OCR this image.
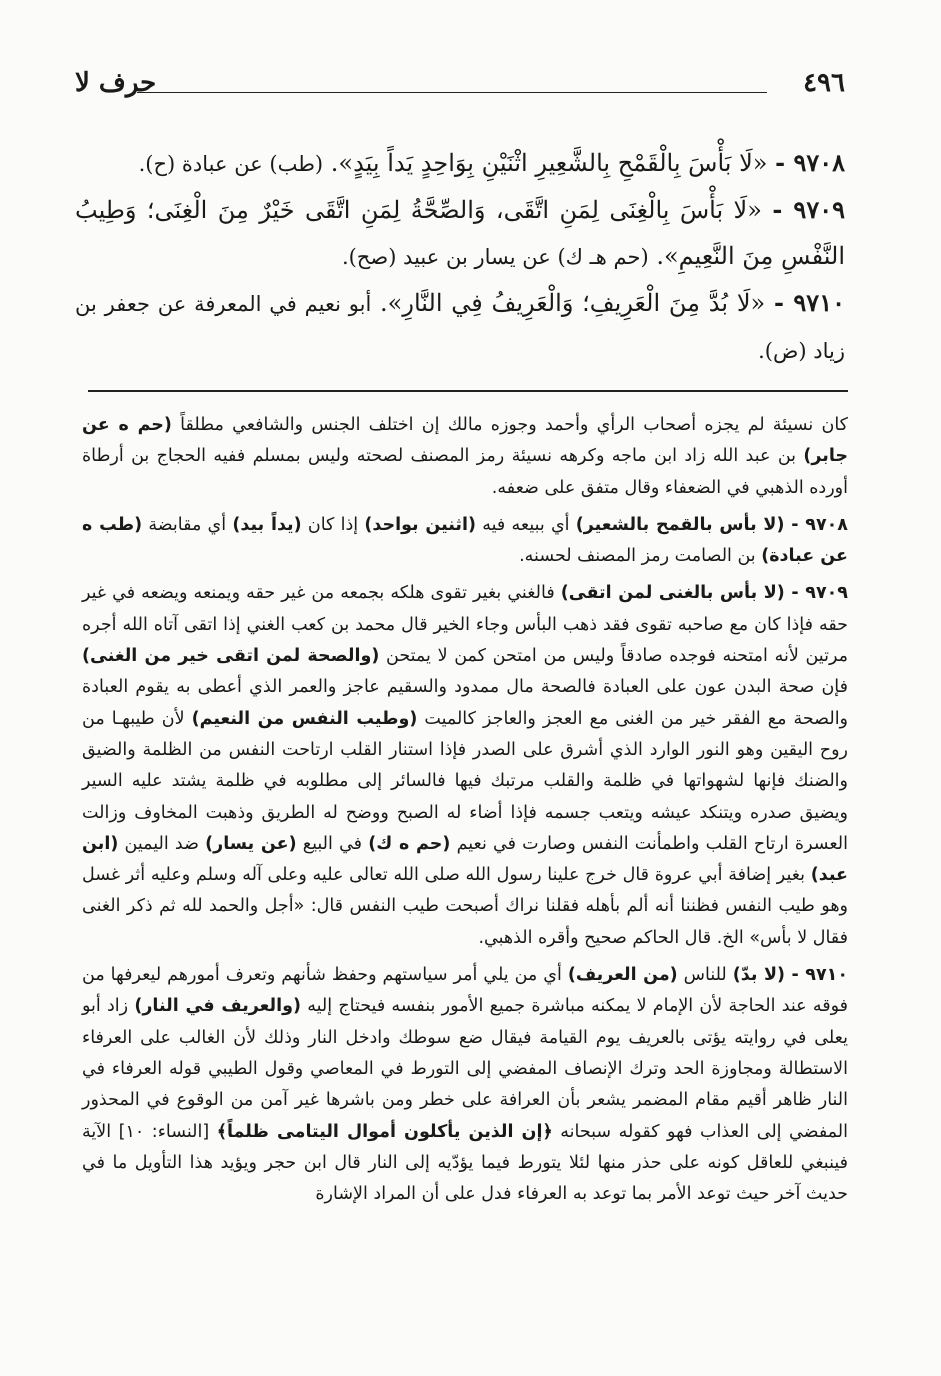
٤٩٦
حرف لا

٩٧٠٨ - «لَا بَأْسَ بِالْقَمْحِ بِالشَّعِيرِ اثْنَيْنِ بِوَاحِدٍ يَداً بِيَدٍ». (طب) عن عبادة (ح).

٩٧٠٩ - «لَا بَأْسَ بِالْغِنَى لِمَنِ اتَّقَى، وَالصِّحَّةُ لِمَنِ اتَّقَى خَيْرٌ مِنَ الْغِنَى؛ وَطِيبُ النَّفْسِ مِنَ النَّعِيمِ». (حم هـ ك) عن يسار بن عبيد (صح).

٩٧١٠ - «لَا بُدَّ مِنَ الْعَرِيفِ؛ وَالْعَرِيفُ فِي النَّارِ». أبو نعيم في المعرفة عن جعفر بن زياد (ض).

كان نسيئة لم يجزه أصحاب الرأي وأحمد وجوزه مالك إن اختلف الجنس والشافعي مطلقاً (حم ه عن جابر) بن عبد الله زاد ابن ماجه وكرهه نسيئة رمز المصنف لصحته وليس بمسلم ففيه الحجاج بن أرطاة أورده الذهبي في الضعفاء وقال متفق على ضعفه.

٩٧٠٨ - (لا بأس بالقمح بالشعير) أي ببيعه فيه (اثنين بواحد) إذا كان (يداً بيد) أي مقابضة (طب ه عن عبادة) بن الصامت رمز المصنف لحسنه.

٩٧٠٩ - (لا بأس بالغنى لمن اتقى) فالغني بغير تقوى هلكه بجمعه من غير حقه ويمنعه ويضعه في غير حقه فإذا كان مع صاحبه تقوى فقد ذهب البأس وجاء الخير قال محمد بن كعب الغني إذا اتقى آتاه الله أجره مرتين لأنه امتحنه فوجده صادقاً وليس من امتحن كمن لا يمتحن (والصحة لمن اتقى خير من الغنى) فإن صحة البدن عون على العبادة فالصحة مال ممدود والسقيم عاجز والعمر الذي أعطى به يقوم العبادة والصحة مع الفقر خير من الغنى مع العجز والعاجز كالميت (وطيب النفس من النعيم) لأن طيبهـا من روح اليقين وهو النور الوارد الذي أشرق على الصدر فإذا استنار القلب ارتاحت النفس من الظلمة والضيق والضنك فإنها لشهواتها في ظلمة والقلب مرتبك فيها فالسائر إلى مطلوبه في ظلمة يشتد عليه السير ويضيق صدره ويتنكد عيشه ويتعب جسمه فإذا أضاء له الصبح ووضح له الطريق وذهبت المخاوف وزالت العسرة ارتاح القلب واطمأنت النفس وصارت في نعيم (حم ه ك) في البيع (عن يسار) ضد اليمين (ابن عبد) بغير إضافة أبي عروة قال خرج علينا رسول الله صلى الله تعالى عليه وعلى آله وسلم وعليه أثر غسل وهو طيب النفس فظننا أنه ألم بأهله فقلنا نراك أصبحت طيب النفس قال: «أجل والحمد لله ثم ذكر الغنى فقال لا بأس» الخ. قال الحاكم صحيح وأقره الذهبي.

٩٧١٠ - (لا بدّ) للناس (من العريف) أي من يلي أمر سياستهم وحفظ شأنهم وتعرف أمورهم ليعرفها من فوقه عند الحاجة لأن الإمام لا يمكنه مباشرة جميع الأمور بنفسه فيحتاج إليه (والعريف في النار) زاد أبو يعلى في روايته يؤتى بالعريف يوم القيامة فيقال ضع سوطك وادخل النار وذلك لأن الغالب على العرفاء الاستطالة ومجاوزة الحد وترك الإنصاف المفضي إلى التورط في المعاصي وقول الطيبي قوله العرفاء في النار ظاهر أقيم مقام المضمر يشعر بأن العرافة على خطر ومن باشرها غير آمن من الوقوع في المحذور المفضي إلى العذاب فهو كقوله سبحانه ﴿إن الذين يأكلون أموال اليتامى ظلماً﴾ [النساء: ١٠] الآية فينبغي للعاقل كونه على حذر منها لئلا يتورط فيما يؤدّيه إلى النار قال ابن حجر ويؤيد هذا التأويل ما في حديث آخر حيث توعد الأمر بما توعد به العرفاء فدل على أن المراد الإشارة
